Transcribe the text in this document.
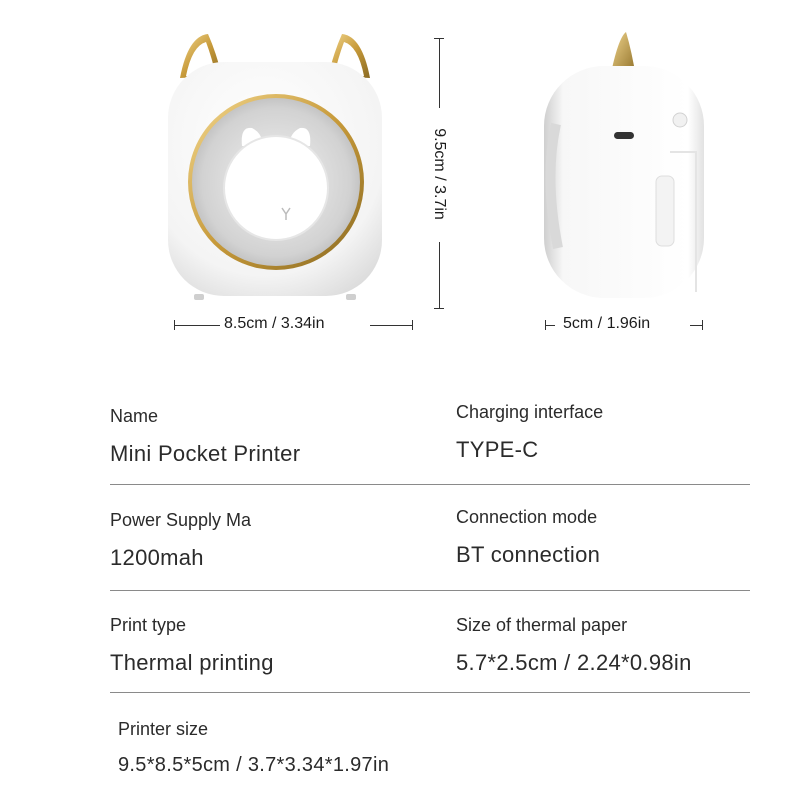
9.5cm / 3.7in
8.5cm / 3.34in	5cm / 1.96in
Name
Mini Pocket Printer
Charging interface
TYPE-C
Power Supply Ma
1200mah
Connection mode
BT connection
Print type
Thermal printing
Size of thermal paper
5.7*2.5cm / 2.24*0.98in
Printer size
9.5*8.5*5cm / 3.7*3.34*1.97in
